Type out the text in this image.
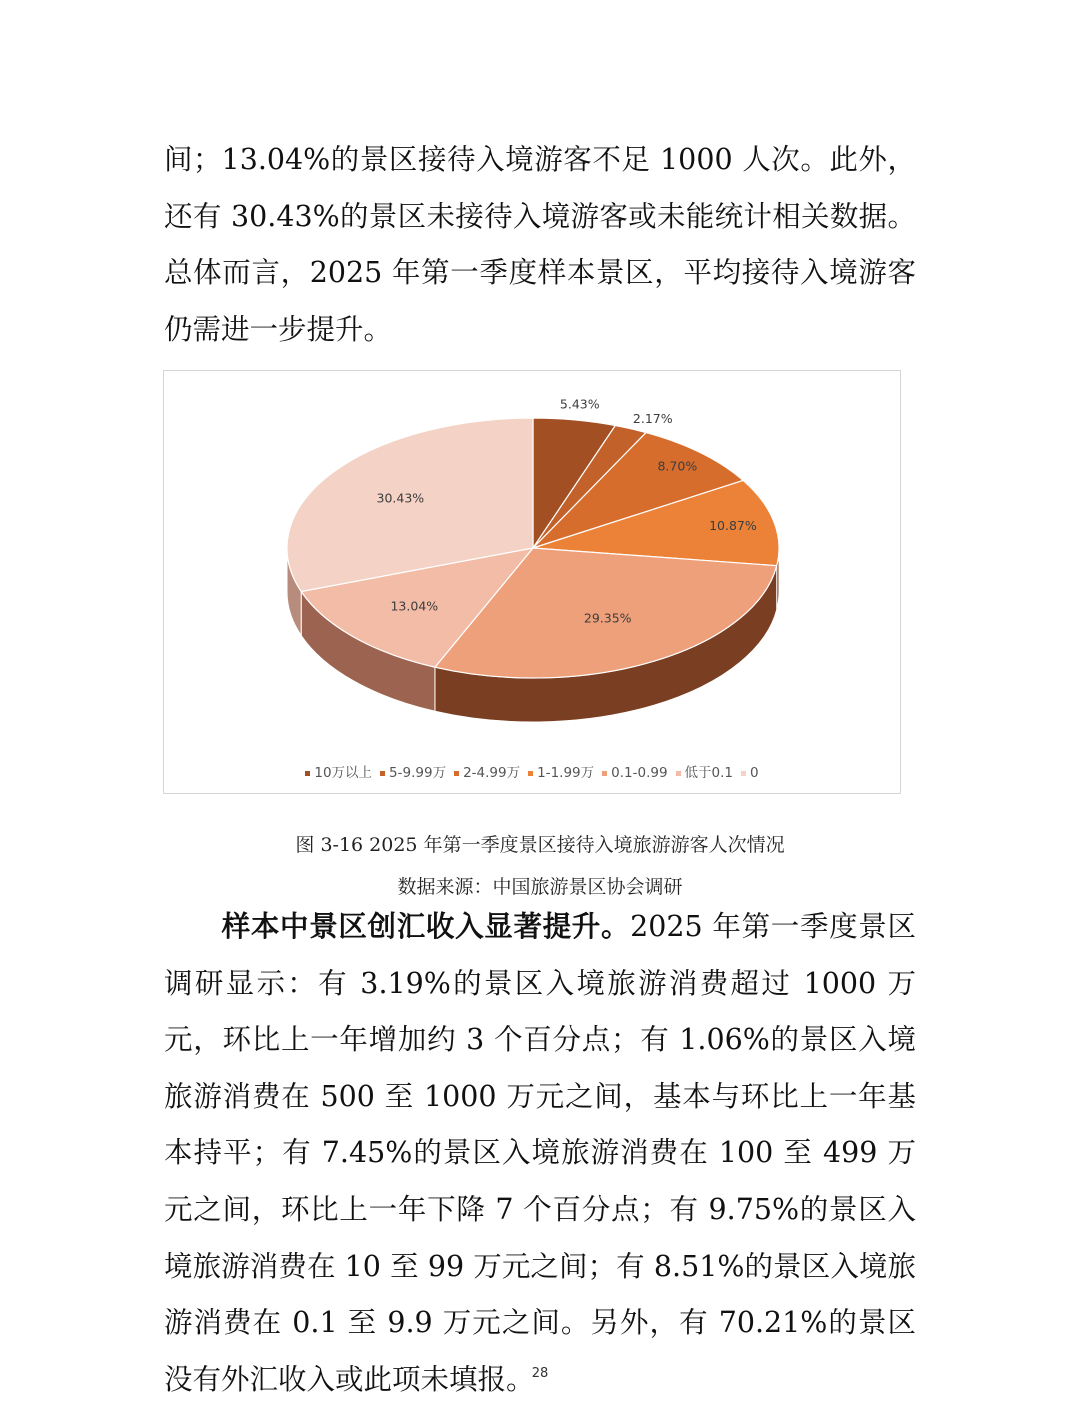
间；13.04%的景区接待入境游客不足 1000 人次。此外，还有 30.43%的景区未接待入境游客或未能统计相关数据。总体而言，2025 年第一季度样本景区，平均接待入境游客仍需进一步提升。

5.43%
2.17%
8.70%
10.87%
29.35%
13.04%
30.43%
10万以上 5-9.99万 2-4.99万 1-1.99万 0.1-0.99 低于0.1 0
图 3-16 2025 年第一季度景区接待入境旅游游客人次情况
数据来源：中国旅游景区协会调研

样本中景区创汇收入显著提升。2025 年第一季度景区调研显示：有 3.19%的景区入境旅游消费超过 1000 万元，环比上一年增加约 3 个百分点；有 1.06%的景区入境旅游消费在 500 至 1000 万元之间，基本与环比上一年基本持平；有 7.45%的景区入境旅游消费在 100 至 499 万元之间，环比上一年下降 7 个百分点；有 9.75%的景区入境旅游消费在 10 至 99 万元之间；有 8.51%的景区入境旅游消费在 0.1 至 9.9 万元之间。另外，有 70.21%的景区没有外汇收入或此项未填报。

28
